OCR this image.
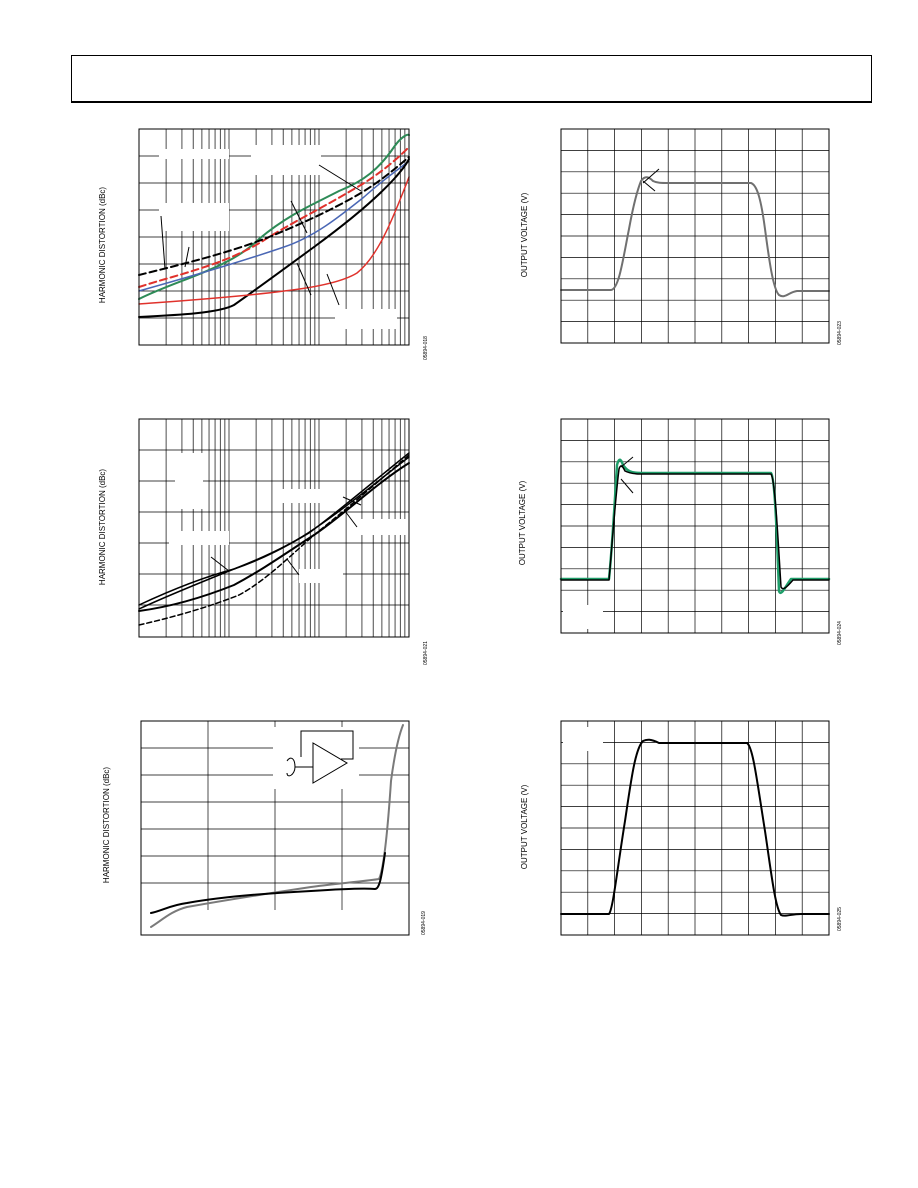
HARMONIC DISTORTION (dBc)
05894-018
OUTPUT VOLTAGE (V)
05894-023
HARMONIC DISTORTION (dBc)
05894-021
OUTPUT VOLTAGE (V)
05894-024
HARMONIC DISTORTION (dBc)
05894-019
OUTPUT VOLTAGE (V)
05894-025
